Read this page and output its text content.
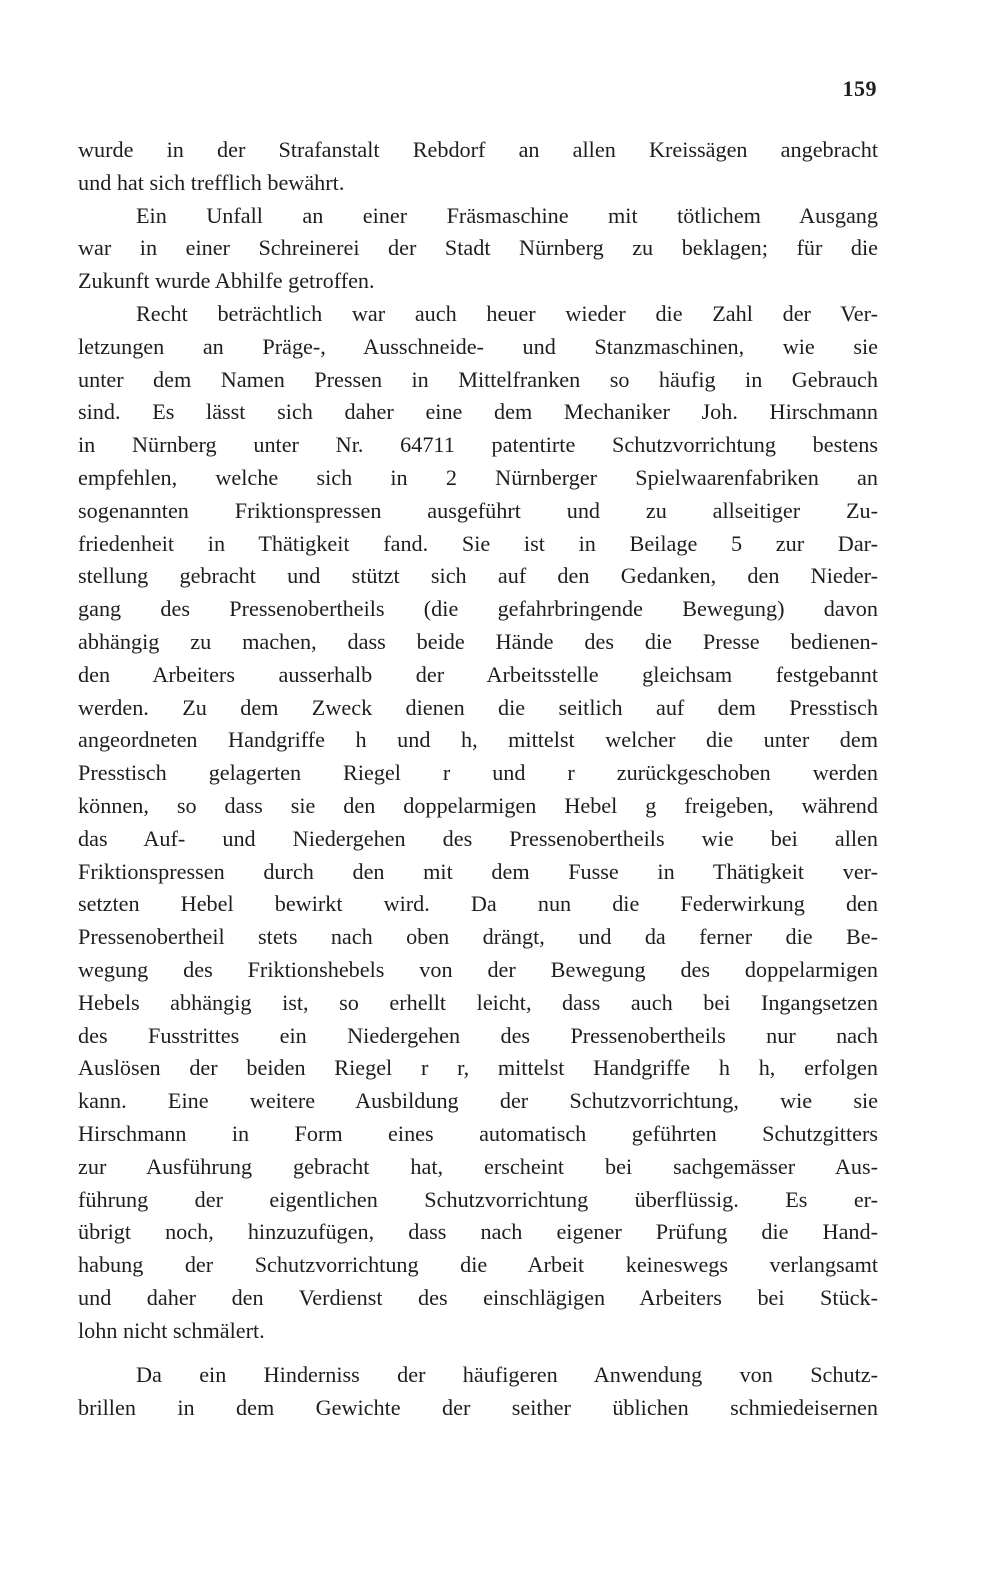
159

wurde in der Strafanstalt Rebdorf an allen Kreissägen angebracht
und hat sich trefflich bewährt.

Ein Unfall an einer Fräsmaschine mit tötlichem Ausgang
war in einer Schreinerei der Stadt Nürnberg zu beklagen; für die
Zukunft wurde Abhilfe getroffen.

Recht beträchtlich war auch heuer wieder die Zahl der Ver-
letzungen an Präge-, Ausschneide- und Stanzmaschinen, wie sie
unter dem Namen Pressen in Mittelfranken so häufig in Gebrauch
sind. Es lässt sich daher eine dem Mechaniker Joh. Hirschmann
in Nürnberg unter Nr. 64711 patentirte Schutzvorrichtung bestens
empfehlen, welche sich in 2 Nürnberger Spielwaarenfabriken an
sogenannten Friktionspressen ausgeführt und zu allseitiger Zu-
friedenheit in Thätigkeit fand. Sie ist in Beilage 5 zur Dar-
stellung gebracht und stützt sich auf den Gedanken, den Nieder-
gang des Pressenobertheils (die gefahrbringende Bewegung) davon
abhängig zu machen, dass beide Hände des die Presse bedienen-
den Arbeiters ausserhalb der Arbeitsstelle gleichsam festgebannt
werden. Zu dem Zweck dienen die seitlich auf dem Presstisch
angeordneten Handgriffe h und h, mittelst welcher die unter dem
Presstisch gelagerten Riegel r und r zurückgeschoben werden
können, so dass sie den doppelarmigen Hebel g freigeben, während
das Auf- und Niedergehen des Pressenobertheils wie bei allen
Friktionspressen durch den mit dem Fusse in Thätigkeit ver-
setzten Hebel bewirkt wird. Da nun die Federwirkung den
Pressenobertheil stets nach oben drängt, und da ferner die Be-
wegung des Friktionshebels von der Bewegung des doppelarmigen
Hebels abhängig ist, so erhellt leicht, dass auch bei Ingangsetzen
des Fusstrittes ein Niedergehen des Pressenobertheils nur nach
Auslösen der beiden Riegel r r, mittelst Handgriffe h h, erfolgen
kann. Eine weitere Ausbildung der Schutzvorrichtung, wie sie
Hirschmann in Form eines automatisch geführten Schutzgitters
zur Ausführung gebracht hat, erscheint bei sachgemässer Aus-
führung der eigentlichen Schutzvorrichtung überflüssig. Es er-
übrigt noch, hinzuzufügen, dass nach eigener Prüfung die Hand-
habung der Schutzvorrichtung die Arbeit keineswegs verlangsamt
und daher den Verdienst des einschlägigen Arbeiters bei Stück-
lohn nicht schmälert.

Da ein Hinderniss der häufigeren Anwendung von Schutz-
brillen in dem Gewichte der seither üblichen schmiedeisernen
